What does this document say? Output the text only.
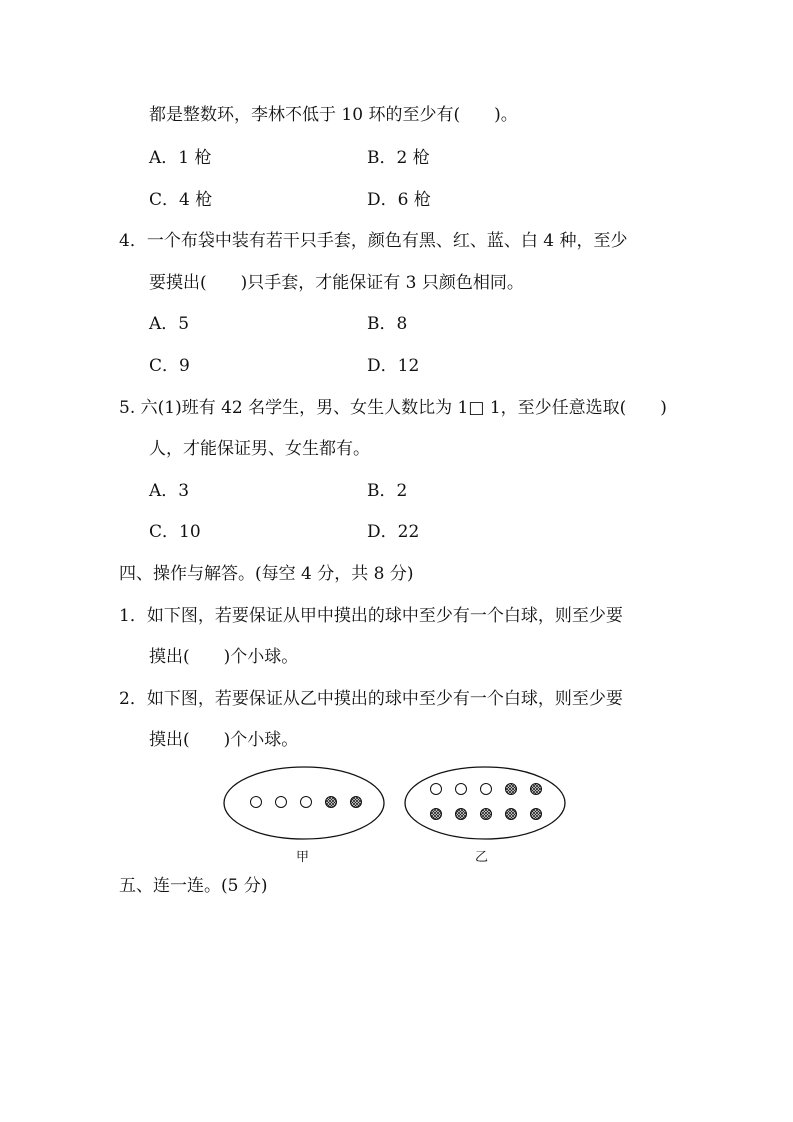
都是整数环，李林不低于 10 环的至少有(　　)。
A．1 枪	B．2 枪
C．4 枪	D．6 枪
4．一个布袋中装有若干只手套，颜色有黑、红、蓝、白 4 种，至少
要摸出(　　)只手套，才能保证有 3 只颜色相同。
A．5	B．8
C．9	D．12
5. 六(1)班有 42 名学生，男、女生人数比为 1□ 1，至少任意选取(　　)
人，才能保证男、女生都有。
A．3	B．2
C．10	D．22
四、操作与解答。(每空 4 分，共 8 分)
1．如下图，若要保证从甲中摸出的球中至少有一个白球，则至少要
摸出(　　)个小球。
2．如下图，若要保证从乙中摸出的球中至少有一个白球，则至少要
摸出(　　)个小球。
甲	乙
五、连一连。(5 分)
